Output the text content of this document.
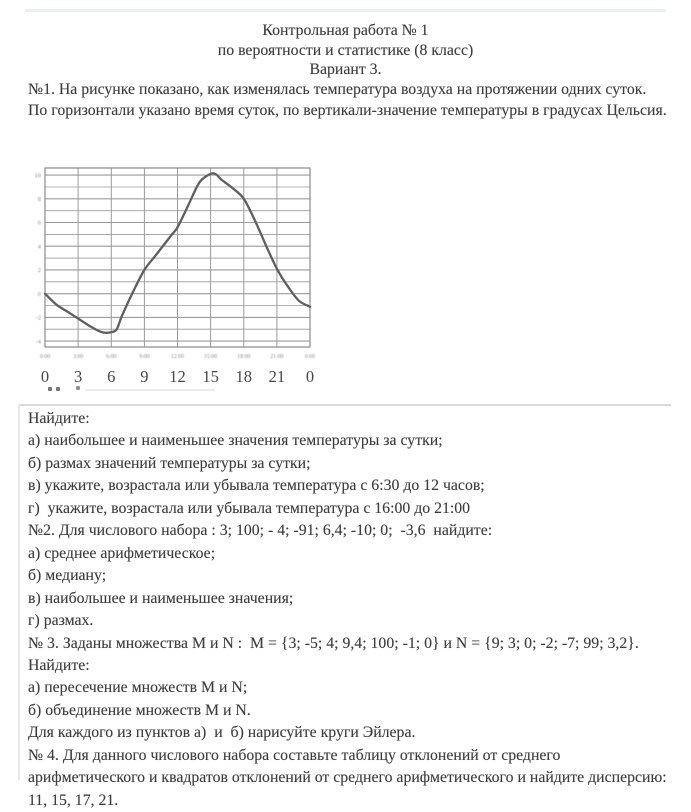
Контрольная работа № 1
по вероятности и статистике (8 класс)
Вариант 3.

№1. На рисунке показано, как изменялась температура воздуха на протяжении одних суток. По горизонтали указано время суток, по вертикали-значение температуры в градусах Цельсия.

10
8
6
4
2
0
-2
-4
0:00	3:00	6:00	9:00	12:00	15:00	18:00	21:00	0:00
0 3 6 9 12 15 18 21 0

Найдите:

а) наибольшее и наименьшее значения температуры за сутки;

б) размах значений температуры за сутки;

в) укажите, возрастала или убывала температура с 6:30 до 12 часов;

г)  укажите, возрастала или убывала температура с 16:00 до 21:00

№2. Для числового набора : 3; 100; - 4; -91; 6,4; -10; 0;  -3,6  найдите:

а) среднее арифметическое;

б) медиану;

в) наибольшее и наименьшее значения;

г) размах.

№ 3. Заданы множества М и N :  М = {3; -5; 4; 9,4; 100; -1; 0} и N = {9; 3; 0; -2; -7; 99; 3,2}. Найдите:

а) пересечение множеств М и N;

б) объединение множеств М и N.

Для каждого из пунктов а)  и  б) нарисуйте круги Эйлера.

№ 4. Для данного числового набора составьте таблицу отклонений от среднего арифметического и квадратов отклонений от среднего арифметического и найдите дисперсию:  11, 15, 17, 21.
